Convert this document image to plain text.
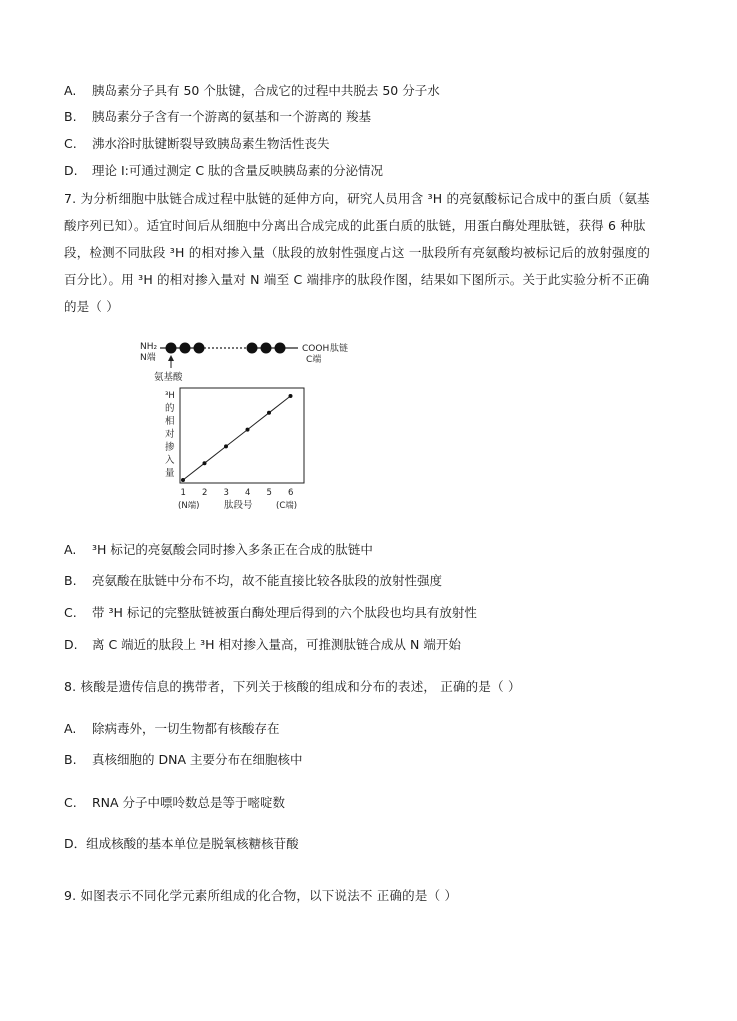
A. 胰岛素分子具有 50 个肽键，合成它的过程中共脱去 50 分子水
B. 胰岛素分子含有一个游离的氨基和一个游离的 羧基
C. 沸水浴时肽键断裂导致胰岛素生物活性丧失
D. 理论 I:可通过测定 C 肽的含量反映胰岛素的分泌情况
7. 为分析细胞中肽链合成过程中肽链的延伸方向，研究人员用含 ³H 的亮氨酸标记合成中的蛋白质（氨基
酸序列已知）。适宜时间后从细胞中分离出合成完成的此蛋白质的肽链，用蛋白酶处理肽链，获得 6 种肽
段，检测不同肽段 ³H 的相对掺入量（肽段的放射性强度占这 一肽段所有亮氨酸均被标记后的放射强度的
百分比）。用 ³H 的相对掺入量对 N 端至 C 端排序的肽段作图，结果如下图所示。关于此实验分析不正确
的是（ ）
NH₂
N端
COOH 肽链
C端
氨基酸
³H
的
相
对
掺
入
量
1 2 3 4 5 6
(N端)	肽段号	(C端)
A. ³H 标记的亮氨酸会同时掺入多条正在合成的肽链中
B. 亮氨酸在肽链中分布不均，故不能直接比较各肽段的放射性强度
C. 带 ³H 标记的完整肽链被蛋白酶处理后得到的六个肽段也均具有放射性
D. 离 C 端近的肽段上 ³H 相对掺入量高，可推测肽链合成从 N 端开始
8. 核酸是遗传信息的携带者，下列关于核酸的组成和分布的表述， 正确的是（ ）
A. 除病毒外，一切生物都有核酸存在
B. 真核细胞的 DNA 主要分布在细胞核中
C. RNA 分子中嘌呤数总是等于嘧啶数
D．组成核酸的基本单位是脱氧核糖核苷酸
9. 如图表示不同化学元素所组成的化合物，以下说法不 正确的是（ ）
